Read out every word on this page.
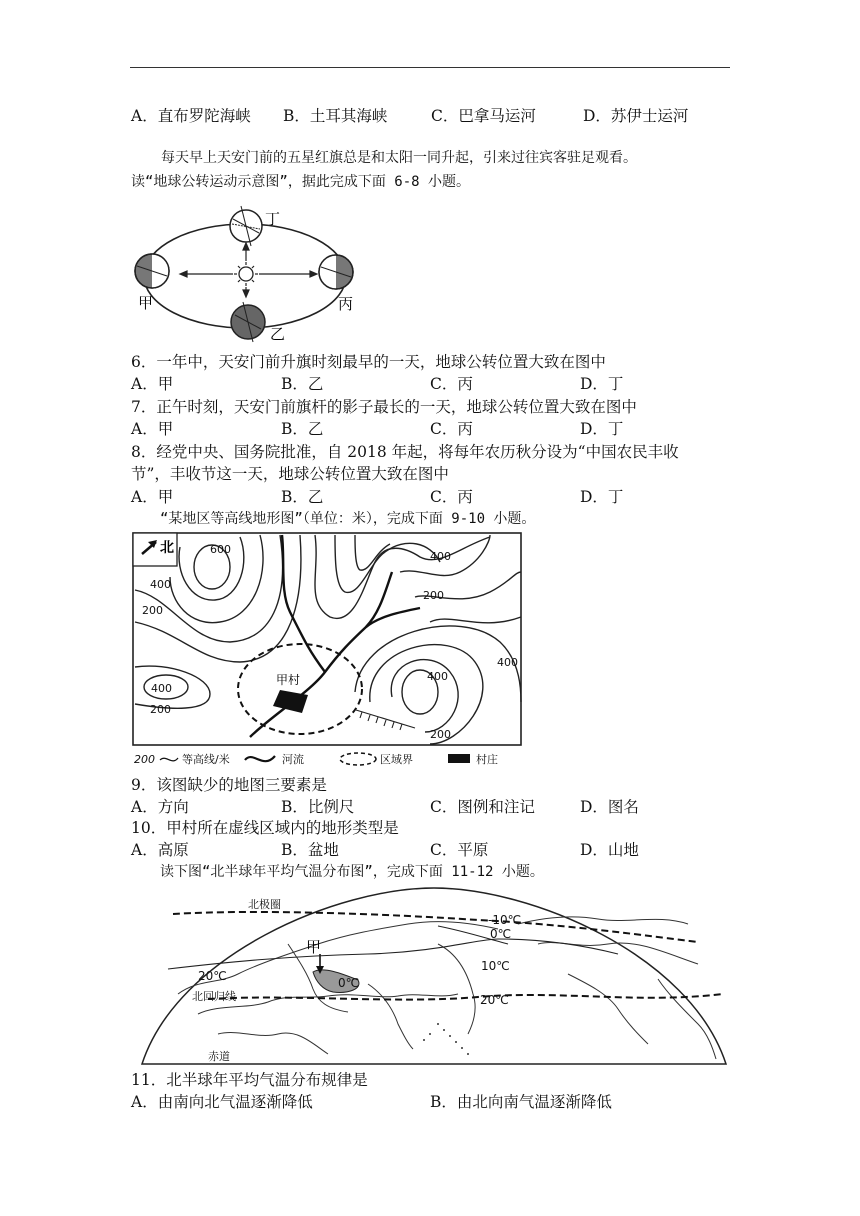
A．直布罗陀海峡 B．土耳其海峡	C．巴拿马运河	D．苏伊士运河
每天早上天安门前的五星红旗总是和太阳一同升起，引来过往宾客驻足观看。
读“地球公转运动示意图”，据此完成下面 6-8 小题。
丁
甲	丙
乙
6．一年中，天安门前升旗时刻最早的一天，地球公转位置大致在图中
A．甲	B．乙	C．丙	D．丁
7．正午时刻，天安门前旗杆的影子最长的一天，地球公转位置大致在图中
A．甲	B．乙	C．丙	D．丁
8．经党中央、国务院批准，自 2018 年起，将每年农历秋分设为“中国农民丰收
节”，丰收节这一天，地球公转位置大致在图中
A．甲	B．乙	C．丙	D．丁
“某地区等高线地形图”（单位：米），完成下面 9-10 小题。
甲村
北	600
400
200
400
200
400
400
200
400
200
200 等高线/米	河流	区域界	村庄
9．该图缺少的地图三要素是
A．方向	B．比例尺	C．图例和注记	D．图名
10．甲村所在虚线区域内的地形类型是
A．高原	B．盆地	C．平原	D．山地
读下图“北半球年平均气温分布图”，完成下面 11-12 小题。
甲
北极圈
北回归线
赤道
-10℃
0℃
10℃
20℃
20℃	0℃
11．北半球年平均气温分布规律是
A．由南向北气温逐渐降低	B．由北向南气温逐渐降低
